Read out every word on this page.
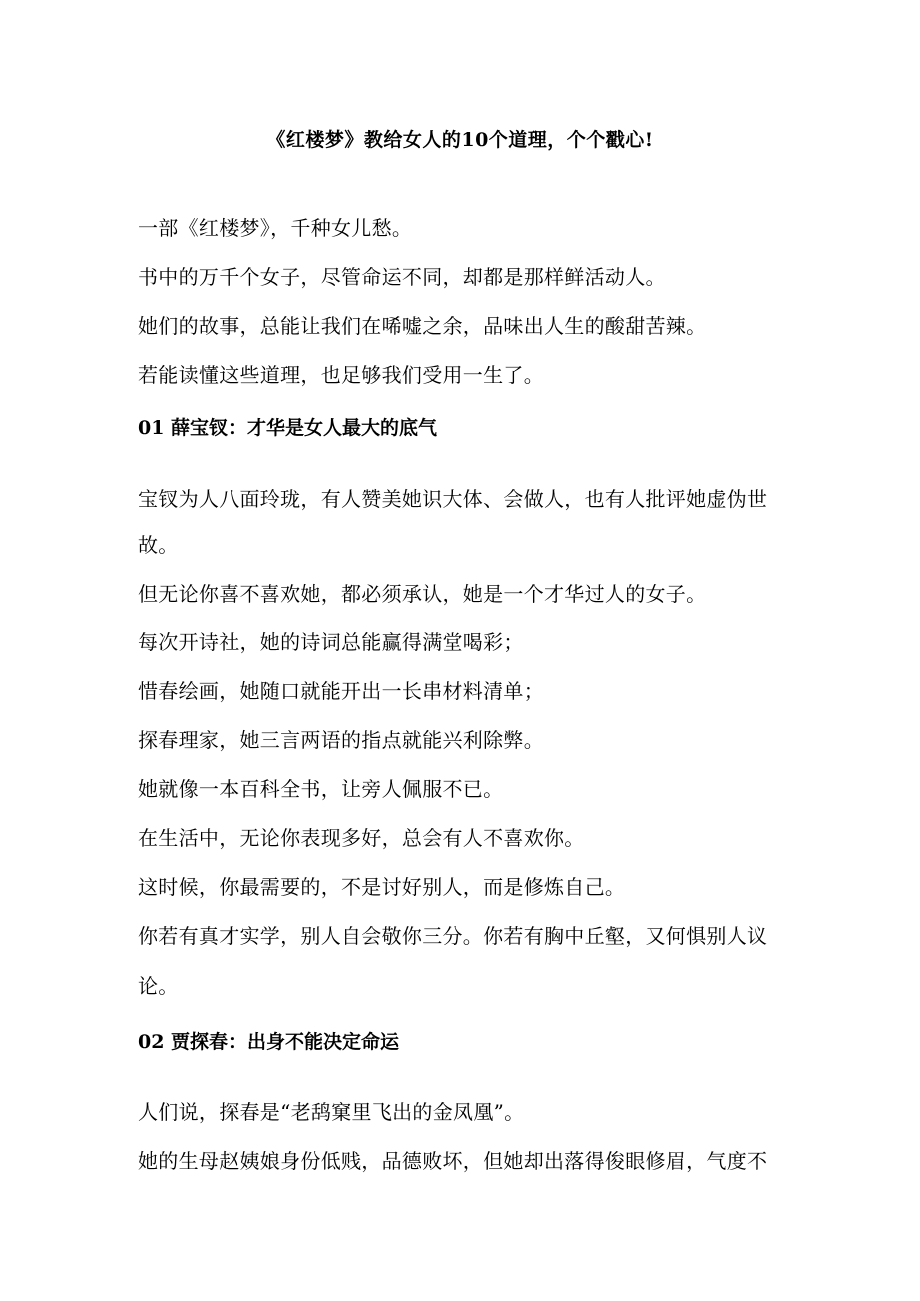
《红楼梦》教给女人的10个道理，个个戳心!
一部《红楼梦》，千种女儿愁。
书中的万千个女子，尽管命运不同，却都是那样鲜活动人。
她们的故事，总能让我们在唏嘘之余，品味出人生的酸甜苦辣。
若能读懂这些道理，也足够我们受用一生了。
01 薛宝钗：才华是女人最大的底气
宝钗为人八面玲珑，有人赞美她识大体、会做人，也有人批评她虚伪世
故。
但无论你喜不喜欢她，都必须承认，她是一个才华过人的女子。
每次开诗社，她的诗词总能赢得满堂喝彩；
惜春绘画，她随口就能开出一长串材料清单；
探春理家，她三言两语的指点就能兴利除弊。
她就像一本百科全书，让旁人佩服不已。
在生活中，无论你表现多好，总会有人不喜欢你。
这时候，你最需要的，不是讨好别人，而是修炼自己。
你若有真才实学，别人自会敬你三分。你若有胸中丘壑，又何惧别人议
论。
02 贾探春：出身不能决定命运
人们说，探春是“老鸹窠里飞出的金凤凰”。
她的生母赵姨娘身份低贱，品德败坏，但她却出落得俊眼修眉，气度不
